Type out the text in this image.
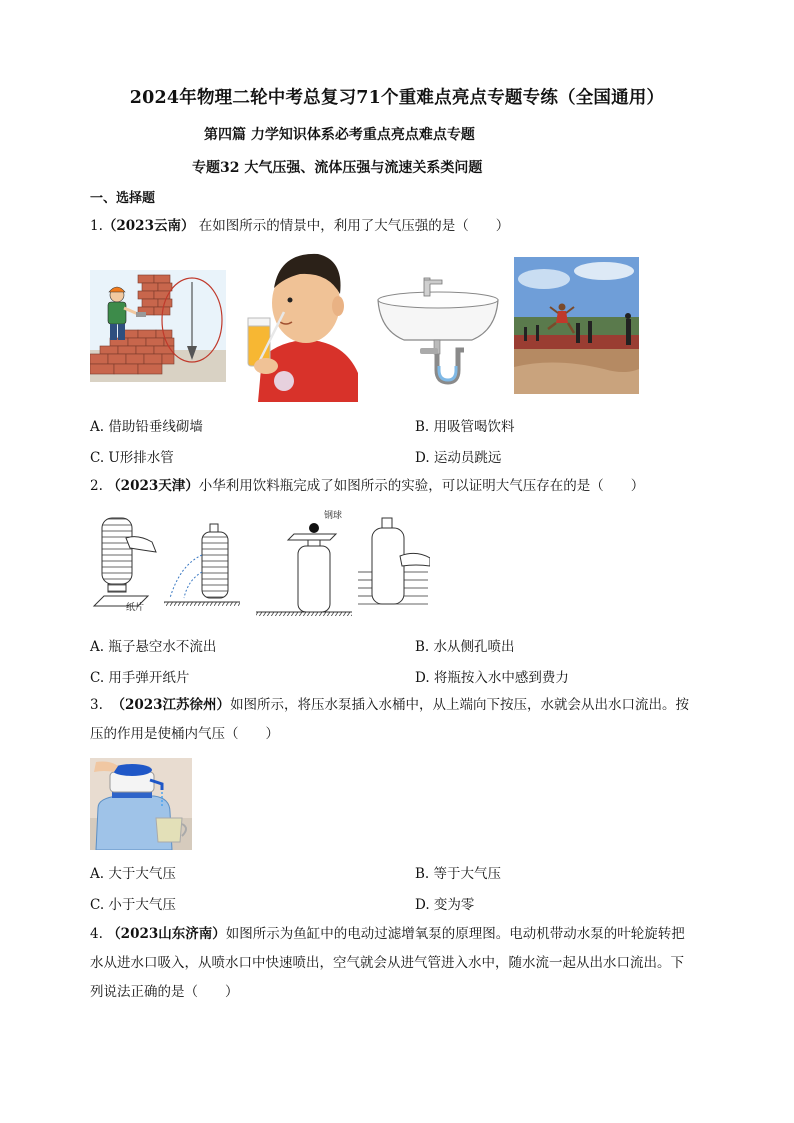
2024年物理二轮中考总复习71个重难点亮点专题专练（全国通用）
第四篇 力学知识体系必考重点亮点难点专题
专题32 大气压强、流体压强与流速关系类问题
一、选择题
1.（2023云南） 在如图所示的情景中，利用了大气压强的是（　　）
A. 借助铅垂线砌墙	B. 用吸管喝饮料
C. U形排水管	D. 运动员跳远
2. （2023天津）小华利用饮料瓶完成了如图所示的实验，可以证明大气压存在的是（　　）
纸片
钢球
A. 瓶子悬空水不流出	B. 水从侧孔喷出
C. 用手弹开纸片	D. 将瓶按入水中感到费力
3. （2023江苏徐州）如图所示，将压水泵插入水桶中，从上端向下按压，水就会从出水口流出。按
压的作用是使桶内气压（　　）
A. 大于大气压	B. 等于大气压
C. 小于大气压	D. 变为零
4. （2023山东济南）如图所示为鱼缸中的电动过滤增氧泵的原理图。电动机带动水泵的叶轮旋转把
水从进水口吸入，从喷水口中快速喷出，空气就会从进气管进入水中，随水流一起从出水口流出。下
列说法正确的是（　　）
